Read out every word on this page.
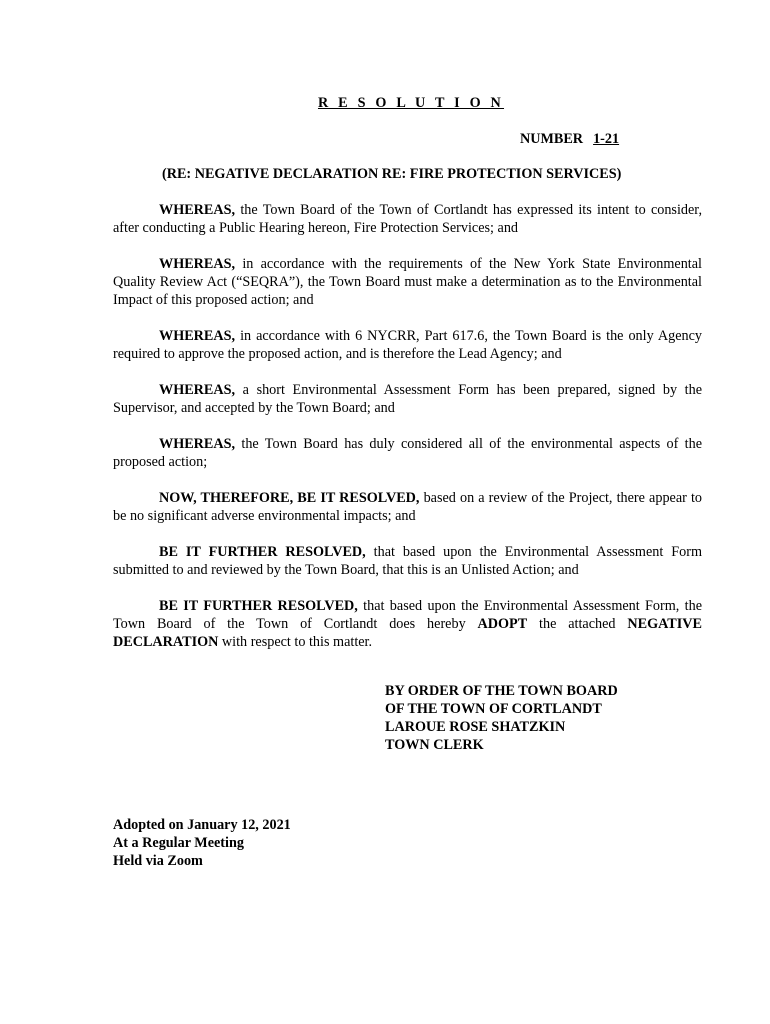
R E S O L U T I O N
NUMBER 1-21
(RE: NEGATIVE DECLARATION RE: FIRE PROTECTION SERVICES)

WHEREAS, the Town Board of the Town of Cortlandt has expressed its intent to consider, after conducting a Public Hearing hereon, Fire Protection Services; and

WHEREAS, in accordance with the requirements of the New York State Environmental Quality Review Act (“SEQRA”), the Town Board must make a determination as to the Environmental Impact of this proposed action; and

WHEREAS, in accordance with 6 NYCRR, Part 617.6, the Town Board is the only Agency required to approve the proposed action, and is therefore the Lead Agency; and

WHEREAS, a short Environmental Assessment Form has been prepared, signed by the Supervisor, and accepted by the Town Board; and

WHEREAS, the Town Board has duly considered all of the environmental aspects of the proposed action;

NOW, THEREFORE, BE IT RESOLVED, based on a review of the Project, there appear to be no significant adverse environmental impacts; and

BE IT FURTHER RESOLVED, that based upon the Environmental Assessment Form submitted to and reviewed by the Town Board, that this is an Unlisted Action; and

BE IT FURTHER RESOLVED, that based upon the Environmental Assessment Form, the Town Board of the Town of Cortlandt does hereby ADOPT the attached NEGATIVE DECLARATION with respect to this matter.

BY ORDER OF THE TOWN BOARD
OF THE TOWN OF CORTLANDT
LAROUE ROSE SHATZKIN
TOWN CLERK
Adopted on January 12, 2021
At a Regular Meeting
Held via Zoom
